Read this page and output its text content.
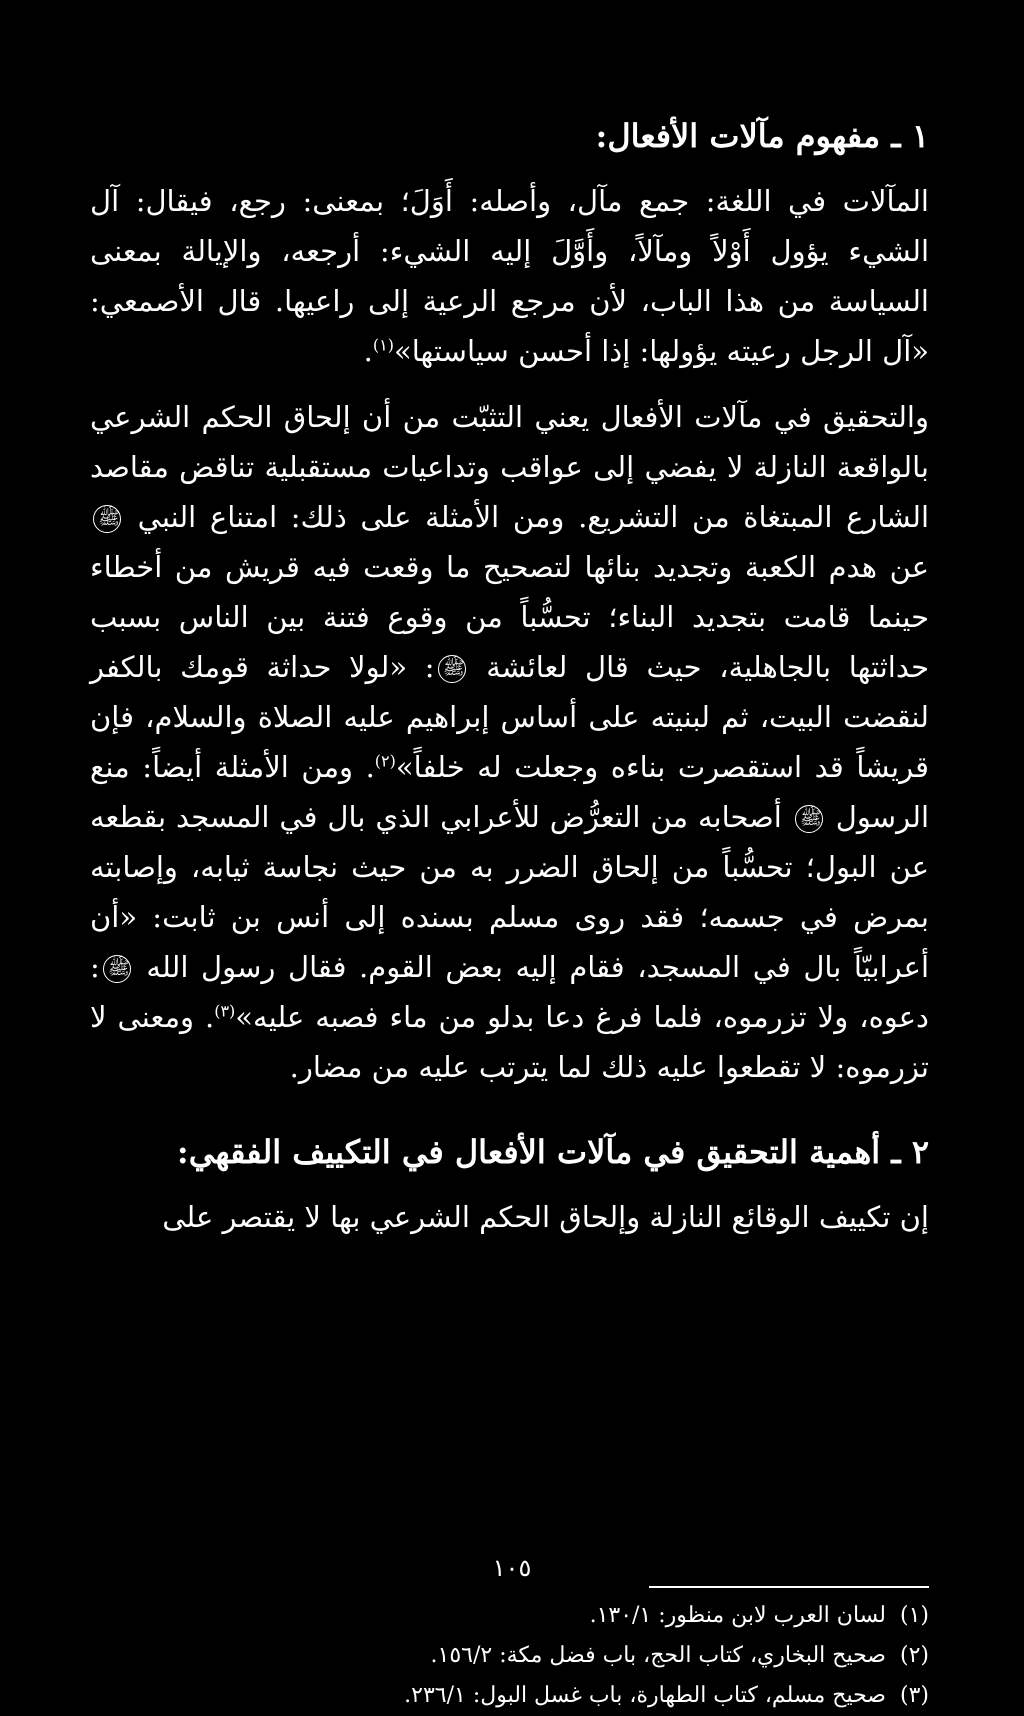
١ ـ مفهوم مآلات الأفعال:

المآلات في اللغة: جمع مآل، وأصله: أَوَلَ؛ بمعنى: رجع، فيقال: آل الشيء يؤول أَوْلاً ومآلاً، وأَوَّلَ إليه الشيء: أرجعه، والإيالة بمعنى السياسة من هذا الباب، لأن مرجع الرعية إلى راعيها. قال الأصمعي: «آل الرجل رعيته يؤولها: إذا أحسن سياستها»$^{(١)}$.

والتحقيق في مآلات الأفعال يعني التثبّت من أن إلحاق الحكم الشرعي بالواقعة النازلة لا يفضي إلى عواقب وتداعيات مستقبلية تناقض مقاصد الشارع المبتغاة من التشريع. ومن الأمثلة على ذلك: امتناع النبي ﷺ عن هدم الكعبة وتجديد بنائها لتصحيح ما وقعت فيه قريش من أخطاء حينما قامت بتجديد البناء؛ تحسُّباً من وقوع فتنة بين الناس بسبب حداثتها بالجاهلية، حيث قال لعائشة ﷺ: «لولا حداثة قومك بالكفر لنقضت البيت، ثم لبنيته على أساس إبراهيم عليه الصلاة والسلام، فإن قريشاً قد استقصرت بناءه وجعلت له خلفاً»$^{(٢)}$. ومن الأمثلة أيضاً: منع الرسول ﷺ أصحابه من التعرُّض للأعرابي الذي بال في المسجد بقطعه عن البول؛ تحسُّباً من إلحاق الضرر به من حيث نجاسة ثيابه، وإصابته بمرض في جسمه؛ فقد روى مسلم بسنده إلى أنس بن ثابت: «أن أعرابيّاً بال في المسجد، فقام إليه بعض القوم. فقال رسول الله ﷺ: دعوه، ولا تزرموه، فلما فرغ دعا بدلو من ماء فصبه عليه»$^{(٣)}$. ومعنى لا تزرموه: لا تقطعوا عليه ذلك لما يترتب عليه من مضار.

٢ ـ أهمية التحقيق في مآلات الأفعال في التكييف الفقهي:

إن تكييف الوقائع النازلة وإلحاق الحكم الشرعي بها لا يقتصر على

(١)لسان العرب لابن منظور: ١٣٠/١.
(٢)صحيح البخاري، كتاب الحج، باب فضل مكة: ١٥٦/٢.
(٣)صحيح مسلم، كتاب الطهارة، باب غسل البول: ٢٣٦/١.
١٠٥
